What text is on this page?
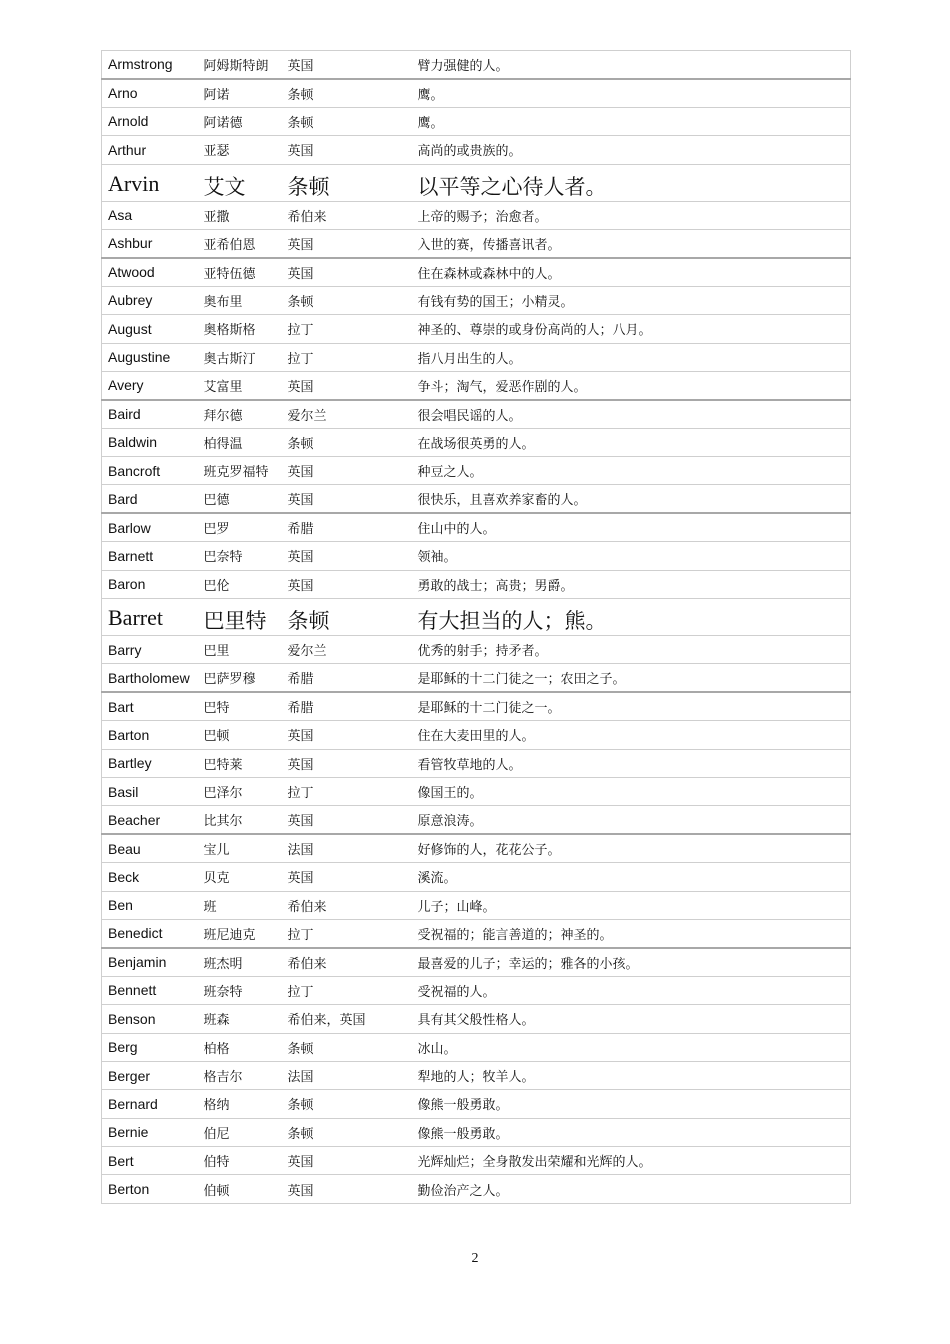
Armstrong	阿姆斯特朗	英国	臂力强健的人。
Arno	阿诺	条顿	鹰。
Arnold	阿诺德	条顿	鹰。
Arthur	亚瑟	英国	高尚的或贵族的。
Arvin	艾文	条顿	以平等之心待人者。
Asa	亚撒	希伯来	上帝的赐予；治愈者。
Ashbur	亚希伯恩	英国	入世的赛，传播喜讯者。
Atwood	亚特伍德	英国	住在森林或森林中的人。
Aubrey	奥布里	条顿	有钱有势的国王；小精灵。
August	奥格斯格	拉丁	神圣的、尊崇的或身份高尚的人；八月。
Augustine	奥古斯汀	拉丁	指八月出生的人。
Avery	艾富里	英国	争斗；淘气，爱恶作剧的人。
Baird	拜尔德	爱尔兰	很会唱民谣的人。
Baldwin	柏得温	条顿	在战场很英勇的人。
Bancroft	班克罗福特	英国	种豆之人。
Bard	巴德	英国	很快乐，且喜欢养家畜的人。
Barlow	巴罗	希腊	住山中的人。
Barnett	巴奈特	英国	领袖。
Baron	巴伦	英国	勇敢的战士；高贵；男爵。
Barret	巴里特	条顿	有大担当的人；熊。
Barry	巴里	爱尔兰	优秀的射手；持矛者。
Bartholomew	巴萨罗穆	希腊	是耶稣的十二门徒之一；农田之子。
Bart	巴特	希腊	是耶稣的十二门徒之一。
Barton	巴顿	英国	住在大麦田里的人。
Bartley	巴特莱	英国	看管牧草地的人。
Basil	巴泽尔	拉丁	像国王的。
Beacher	比其尔	英国	原意浪涛。
Beau	宝儿	法国	好修饰的人，花花公子。
Beck	贝克	英国	溪流。
Ben	班	希伯来	儿子；山峰。
Benedict	班尼迪克	拉丁	受祝福的；能言善道的；神圣的。
Benjamin	班杰明	希伯来	最喜爱的儿子；幸运的；雅各的小孩。
Bennett	班奈特	拉丁	受祝福的人。
Benson	班森	希伯来，英国	具有其父般性格人。
Berg	柏格	条顿	冰山。
Berger	格吉尔	法国	犁地的人；牧羊人。
Bernard	格纳	条顿	像熊一般勇敢。
Bernie	伯尼	条顿	像熊一般勇敢。
Bert	伯特	英国	光辉灿烂；全身散发出荣耀和光辉的人。
Berton	伯顿	英国	勤俭治产之人。
2
